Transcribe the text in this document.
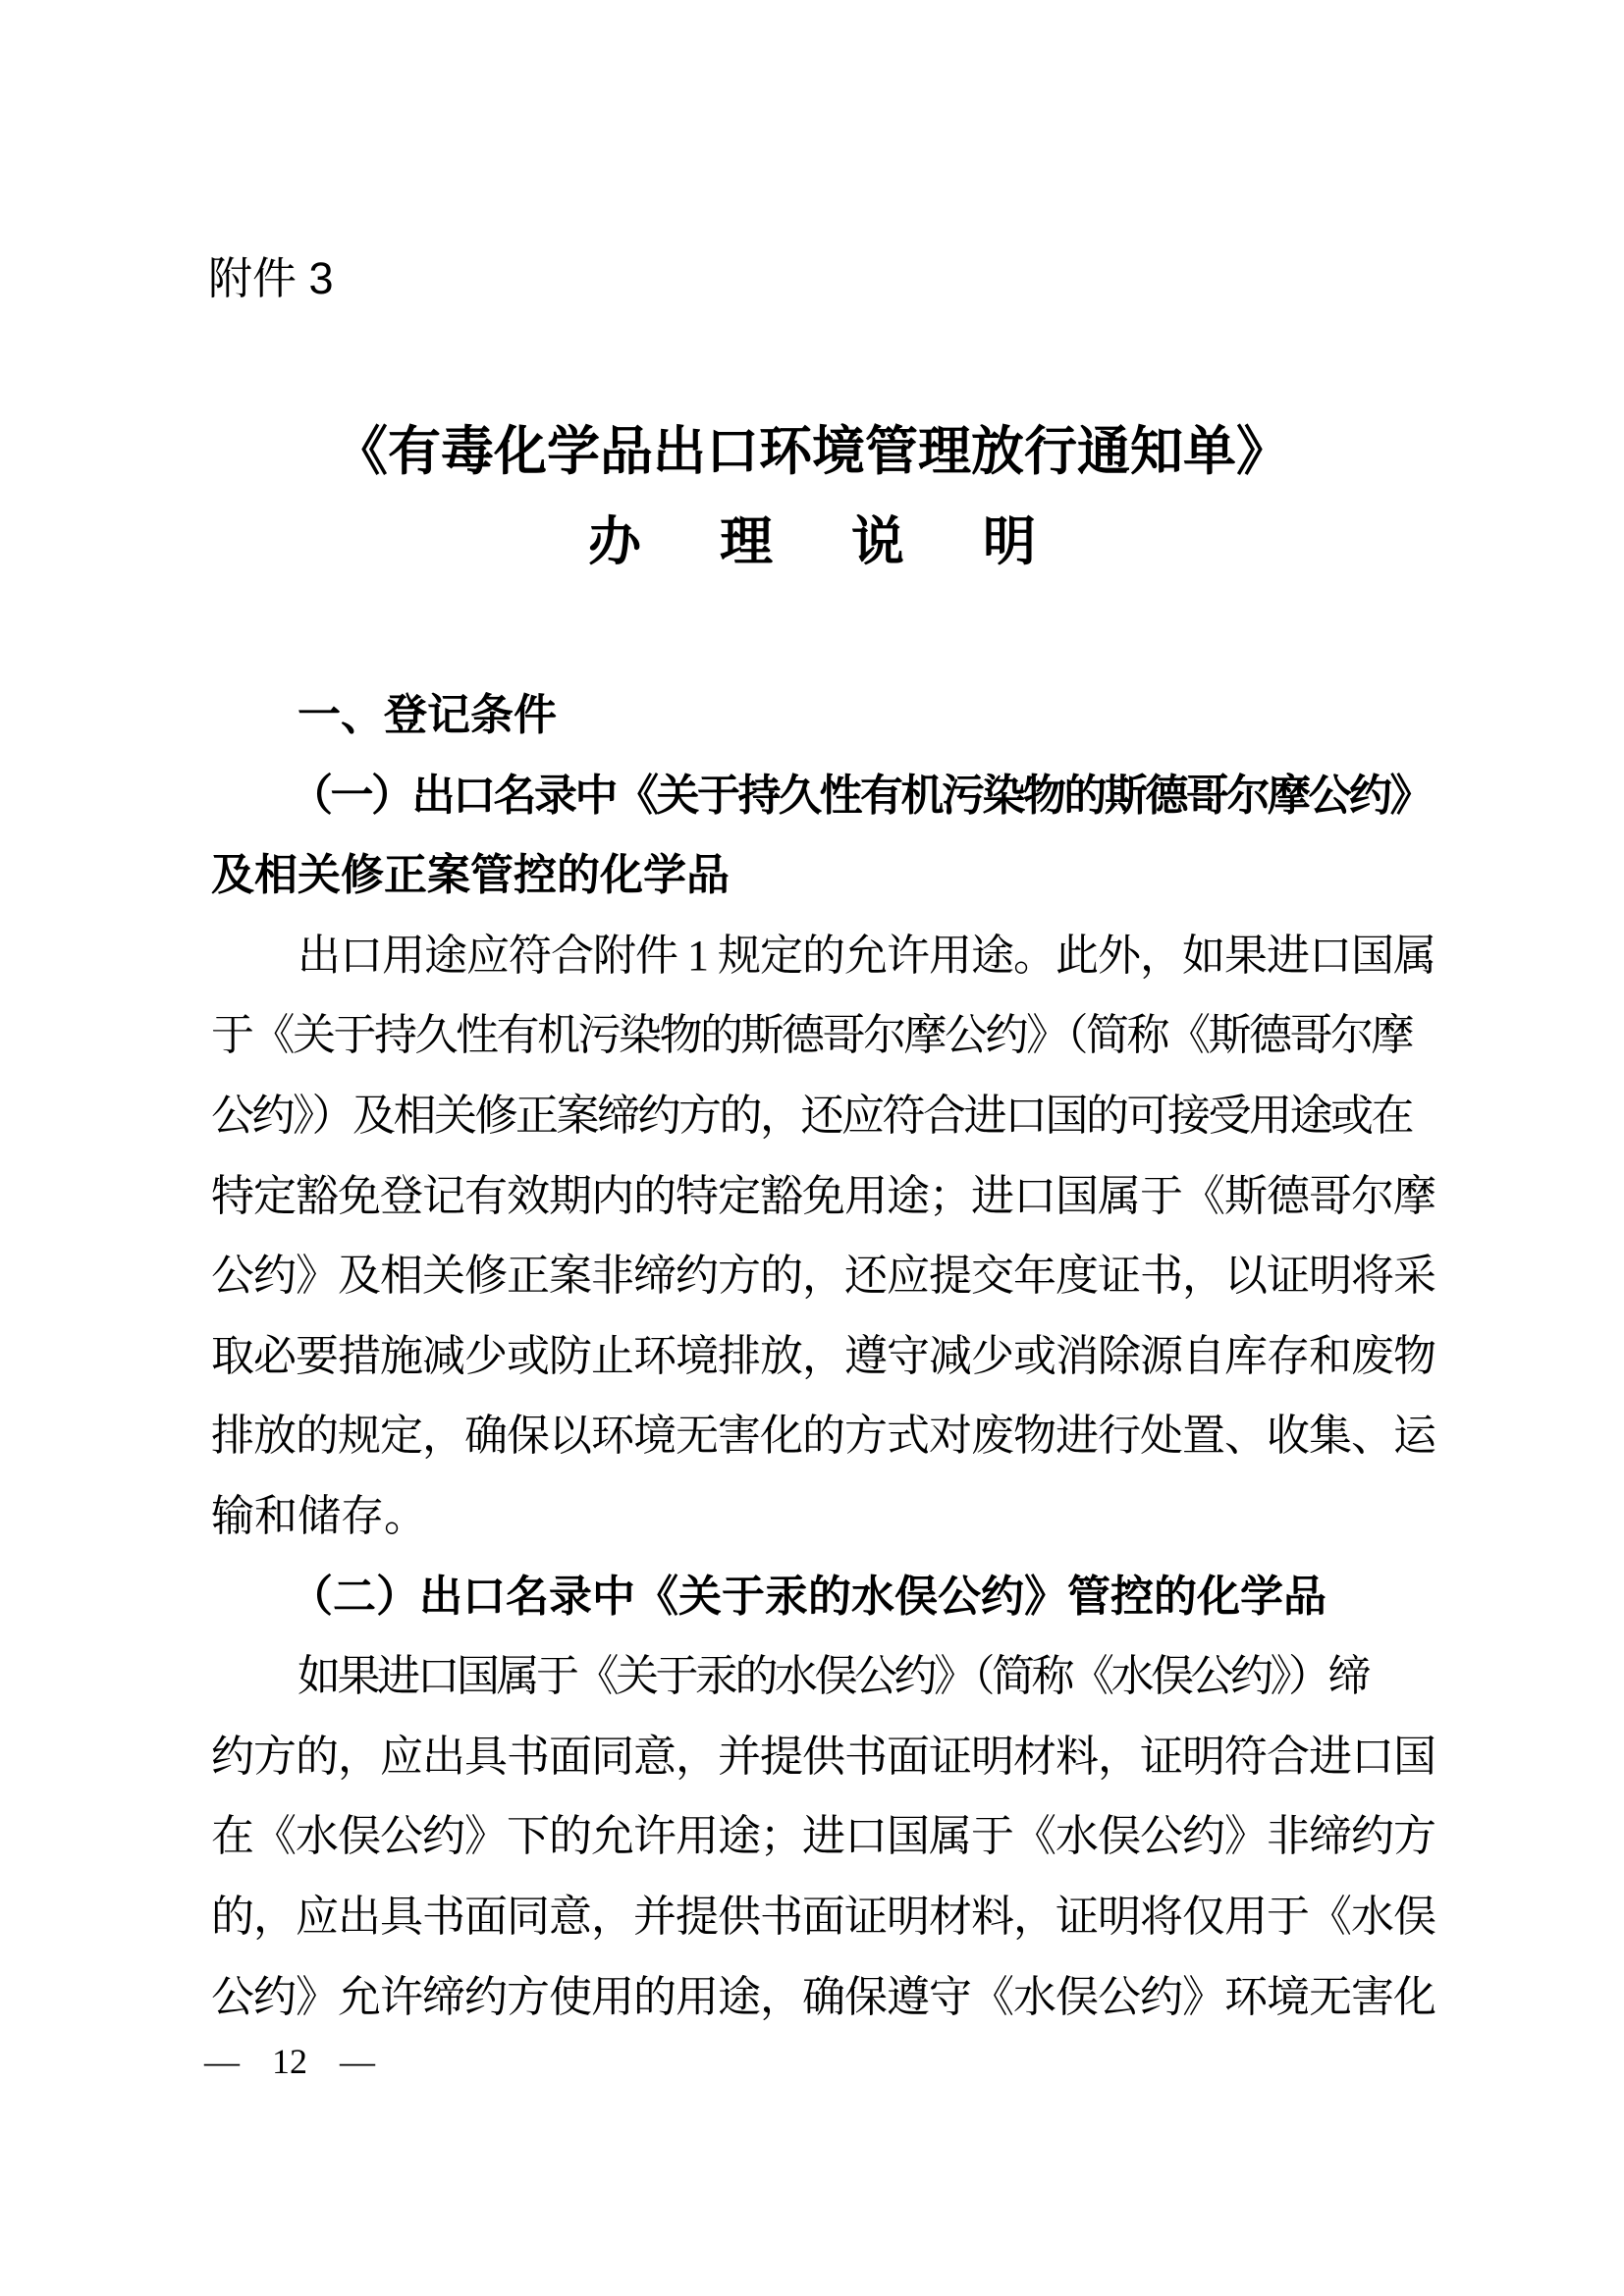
附件 3
《有毒化学品出口环境管理放行通知单》
办理说明
一、登记条件
（一）出口名录中《关于持久性有机污染物的斯德哥尔摩公约》
及相关修正案管控的化学品
出口用途应符合附件 1 规定的允许用途。此外，如果进口国属
于《关于持久性有机污染物的斯德哥尔摩公约》（简称《斯德哥尔摩
公约》）及相关修正案缔约方的，还应符合进口国的可接受用途或在
特定豁免登记有效期内的特定豁免用途；进口国属于《斯德哥尔摩
公约》及相关修正案非缔约方的，还应提交年度证书，以证明将采
取必要措施减少或防止环境排放，遵守减少或消除源自库存和废物
排放的规定，确保以环境无害化的方式对废物进行处置、收集、运
输和储存。
（二）出口名录中《关于汞的水俣公约》管控的化学品
如果进口国属于《关于汞的水俣公约》（简称《水俣公约》）缔
约方的，应出具书面同意，并提供书面证明材料，证明符合进口国
在《水俣公约》下的允许用途；进口国属于《水俣公约》非缔约方
的，应出具书面同意，并提供书面证明材料，证明将仅用于《水俣
公约》允许缔约方使用的用途，确保遵守《水俣公约》环境无害化
— 12 —
